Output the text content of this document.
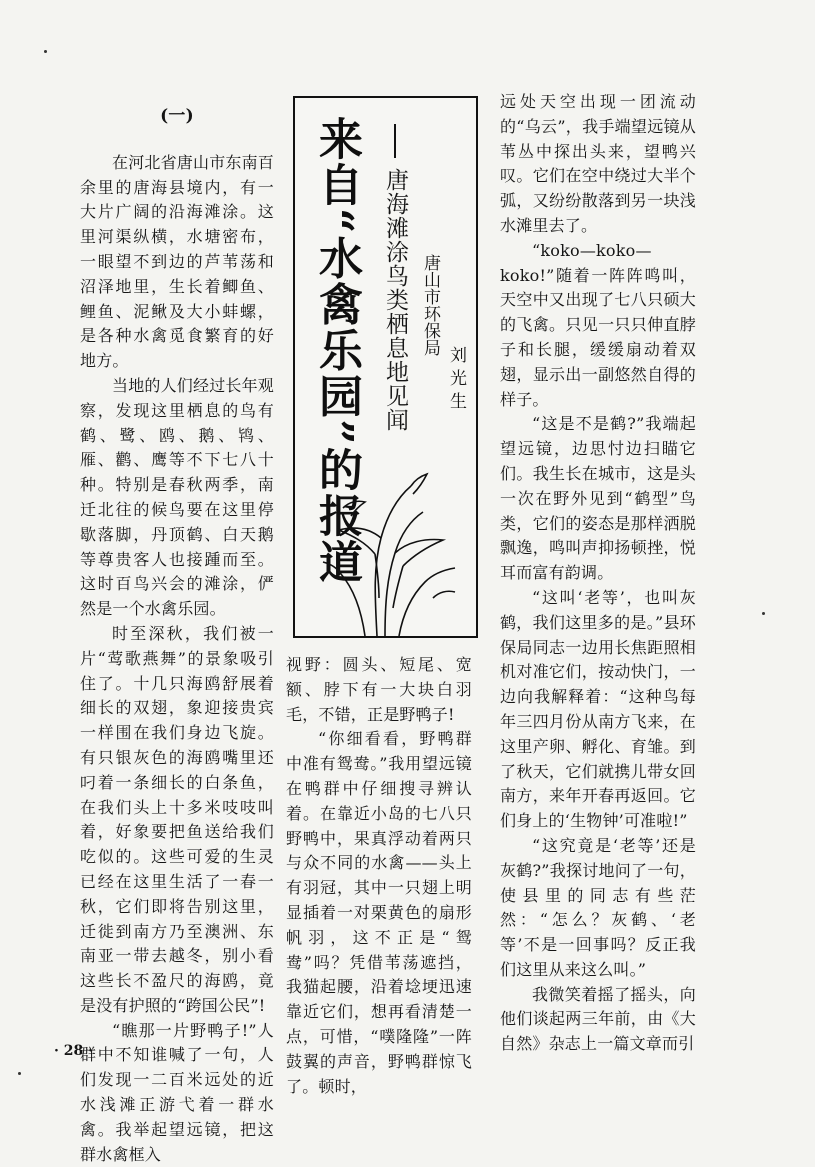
(一)

在河北省唐山市东南百余里的唐海县境内，有一大片广阔的沿海滩涂。这里河渠纵横，水塘密布，一眼望不到边的芦苇荡和沼泽地里，生长着鲫鱼、鲤鱼、泥鳅及大小蚌螺，是各种水禽觅食繁育的好地方。

当地的人们经过长年观察，发现这里栖息的鸟有鹤、鹭、鸥、鹅、鸨、雁、鹳、鹰等不下七八十种。特别是春秋两季，南迁北往的候鸟要在这里停歇落脚，丹顶鹤、白天鹅等尊贵客人也接踵而至。这时百鸟兴会的滩涂，俨然是一个水禽乐园。

时至深秋，我们被一片“莺歌燕舞”的景象吸引住了。十几只海鸥舒展着细长的双翅，象迎接贵宾一样围在我们身边飞旋。有只银灰色的海鸥嘴里还叼着一条细长的白条鱼，在我们头上十多米吱吱叫着，好象要把鱼送给我们吃似的。这些可爱的生灵已经在这里生活了一春一秋，它们即将告别这里，迁徙到南方乃至澳洲、东南亚一带去越冬，别小看这些长不盈尺的海鸥，竟是没有护照的“跨国公民”!

“瞧那一片野鸭子!”人群中不知谁喊了一句，人们发现一二百米远处的近水浅滩正游弋着一群水禽。我举起望远镜，把这群水禽框入

来自“水禽乐园”的报道 唐海滩涂鸟类栖息地见闻 唐山市环保局
刘光生

视野：圆头、短尾、宽额、脖下有一大块白羽毛，不错，正是野鸭子!

“你细看看，野鸭群中准有鸳鸯。”我用望远镜在鸭群中仔细搜寻辨认着。在靠近小岛的七八只野鸭中，果真浮动着两只与众不同的水禽——头上有羽冠，其中一只翅上明显插着一对栗黄色的扇形帆羽，这不正是“鸳鸯”吗？凭借苇荡遮挡，我猫起腰，沿着埝埂迅速靠近它们，想再看清楚一点，可惜，“噗隆隆”一阵鼓翼的声音，野鸭群惊飞了。顿时，

远处天空出现一团流动的“乌云”，我手端望远镜从苇丛中探出头来，望鸭兴叹。它们在空中绕过大半个弧，又纷纷散落到另一块浅水滩里去了。

“koko—koko—koko!”随着一阵阵鸣叫，天空中又出现了七八只硕大的飞禽。只见一只只伸直脖子和长腿，缓缓扇动着双翅，显示出一副悠然自得的样子。

“这是不是鹤?”我端起望远镜，边思忖边扫瞄它们。我生长在城市，这是头一次在野外见到“鹤型”鸟类，它们的姿态是那样洒脱飘逸，鸣叫声抑扬顿挫，悦耳而富有韵调。

“这叫‘老等’，也叫灰鹤，我们这里多的是。”县环保局同志一边用长焦距照相机对准它们，按动快门，一边向我解释着：“这种鸟每年三四月份从南方飞来，在这里产卵、孵化、育雏。到了秋天，它们就携儿带女回南方，来年开春再返回。它们身上的‘生物钟’可准啦!”

“这究竟是‘老等’还是灰鹤?”我探讨地问了一句，使县里的同志有些茫然：“怎么？灰鹤、‘老等’不是一回事吗？反正我们这里从来这么叫。”

我微笑着摇了摇头，向他们谈起两三年前，由《大自然》杂志上一篇文章而引

· 28 ·
